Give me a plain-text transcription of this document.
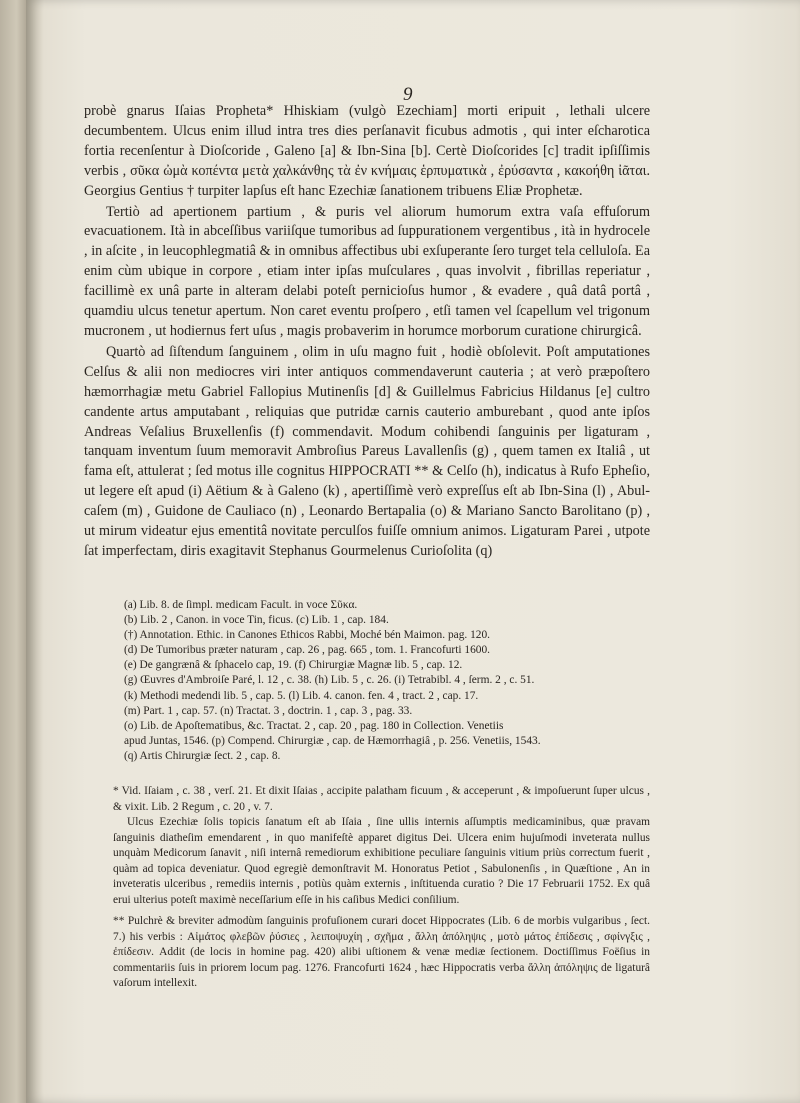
9

probè gnarus Iſaias Propheta* Hhiskiam (vulgò Ezechiam] morti eripuit , lethali ulcere decumbentem. Ulcus enim illud intra tres dies perſanavit ficubus admotis , qui inter eſcharotica fortia recenſentur à Dioſcoride , Galeno [a] & Ibn-Sina [b]. Certè Dioſcorides [c] tradit ipſiſſimis verbis , σῦκα ὠμὰ κοπέντα μετὰ χαλκάνθης τὰ ἐν κνήμαις ἑρπυματικὰ , ἐρύσαντα , κακοήθη ἰᾶται. Georgius Gentius † turpiter lapſus eſt hanc Ezechiæ ſanationem tribuens Eliæ Prophetæ.

Tertiò ad apertionem partium , & puris vel aliorum humorum extra vaſa effuſorum evacuationem. Ità in abceſſibus variiſque tumoribus ad ſuppurationem vergentibus , ità in hydrocele , in aſcite , in leucophlegmatiâ & in omnibus affectibus ubi exſuperante ſero turget tela celluloſa. Ea enim cùm ubique in corpore , etiam inter ipſas muſculares , quas involvit , fibrillas reperiatur , facillimè ex unâ parte in alteram delabi poteſt pernicioſus humor , & evadere , quâ datâ portâ , quamdiu ulcus tenetur apertum. Non caret eventu proſpero , etſi tamen vel ſcapellum vel trigonum mucronem , ut hodiernus fert uſus , magis probaverim in horumce morborum curatione chirurgicâ.

Quartò ad ſiſtendum ſanguinem , olim in uſu magno fuit , hodiè obſolevit. Poſt amputationes Celſus & alii non mediocres viri inter antiquos commendaverunt cauteria ; at verò præpoſtero hæmorrhagiæ metu Gabriel Fallopius Mutinenſis [d] & Guillelmus Fabricius Hildanus [e] cultro candente artus amputabant , reliquias que putridæ carnis cauterio amburebant , quod ante ipſos Andreas Veſalius Bruxellenſis (f) commendavit. Modum cohibendi ſanguinis per ligaturam , tanquam inventum ſuum memoravit Ambroſius Pareus Lavallenſis (g) , quem tamen ex Italiâ , ut fama eſt, attulerat ; ſed motus ille cognitus HIPPOCRATI ** & Celſo (h), indicatus à Rufo Epheſio, ut legere eſt apud (i) Aëtium & à Galeno (k) , apertiſſimè verò expreſſus eſt ab Ibn-Sina (l) , Abul-caſem (m) , Guidone de Cauliaco (n) , Leonardo Bertapalia (o) & Mariano Sancto Barolitano (p) , ut mirum videatur ejus ementitâ novitate perculſos fuiſſe omnium animos. Ligaturam Parei , utpote ſat imperfectam, diris exagitavit Stephanus Gourmelenus Curioſolita (q)

(a) Lib. 8. de ſimpl. medicam Facult. in voce Σῦκα.
(b) Lib. 2 , Canon. in voce Tin, ficus. (c) Lib. 1 , cap. 184.
(†) Annotation. Ethic. in Canones Ethicos Rabbi, Moché bén Maimon. pag. 120.
(d) De Tumoribus præter naturam , cap. 26 , pag. 665 , tom. 1. Francofurti 1600.
(e) De gangrænâ & ſphacelo cap, 19. (f) Chirurgiæ Magnæ lib. 5 , cap. 12.
(g) Œuvres d'Ambroiſe Paré, l. 12 , c. 38. (h) Lib. 5 , c. 26. (i) Tetrabibl. 4 , ſerm. 2 , c. 51.
(k) Methodi medendi lib. 5 , cap. 5. (l) Lib. 4. canon. fen. 4 , tract. 2 , cap. 17.
(m) Part. 1 , cap. 57. (n) Tractat. 3 , doctrin. 1 , cap. 3 , pag. 33.
(o) Lib. de Apoſtematibus, &c. Tractat. 2 , cap. 20 , pag. 180 in Collection. Venetiis
apud Juntas, 1546. (p) Compend. Chirurgiæ , cap. de Hæmorrhagiâ , p. 256. Venetiis, 1543.
(q) Artis Chirurgiæ ſect. 2 , cap. 8.

* Vid. Iſaiam , c. 38 , verſ. 21. Et dixit Iſaias , accipite palatham ficuum , & acceperunt , & impoſuerunt ſuper ulcus , & vixit. Lib. 2 Regum , c. 20 , v. 7.

Ulcus Ezechiæ ſolis topicis ſanatum eſt ab Iſaia , ſine ullis internis aſſumptis medicaminibus, quæ pravam ſanguinis diatheſim emendarent , in quo manifeſtè apparet digitus Dei. Ulcera enim hujuſmodi inveterata nullus unquàm Medicorum ſanavit , niſi internâ remediorum exhibitione peculiare ſanguinis vitium priùs correctum fuerit , quàm ad topica deveniatur. Quod egregiè demonſtravit M. Honoratus Petiot , Sabulonenſis , in Quæſtione , An in inveteratis ulceribus , remediis internis , potiùs quàm externis , inſtituenda curatio ? Die 17 Februarii 1752. Ex quâ erui ulterius poteſt maximè neceſſarium eſſe in his caſibus Medici conſilium.

** Pulchrè & breviter admodùm ſanguinis profuſionem curari docet Hippocrates (Lib. 6 de morbis vulgaribus , ſect. 7.) his verbis : Αἱμάτος φλεβῶν ῥύσιες , λειποψυχίη , σχῆμα , ἄλλη ἀπόληψις , μοτὸ μάτος ἐπίδεσις , σφίνγξις , ἐπίδεσιν. Addit (de locis in homine pag. 420) alibi uſtionem & venæ mediæ ſectionem. Doctiſſimus Foëſius in commentariis ſuis in priorem locum pag. 1276. Francofurti 1624 , hæc Hippocratis verba ἄλλη ἀπόληψις de ligaturâ vaſorum intellexit.
